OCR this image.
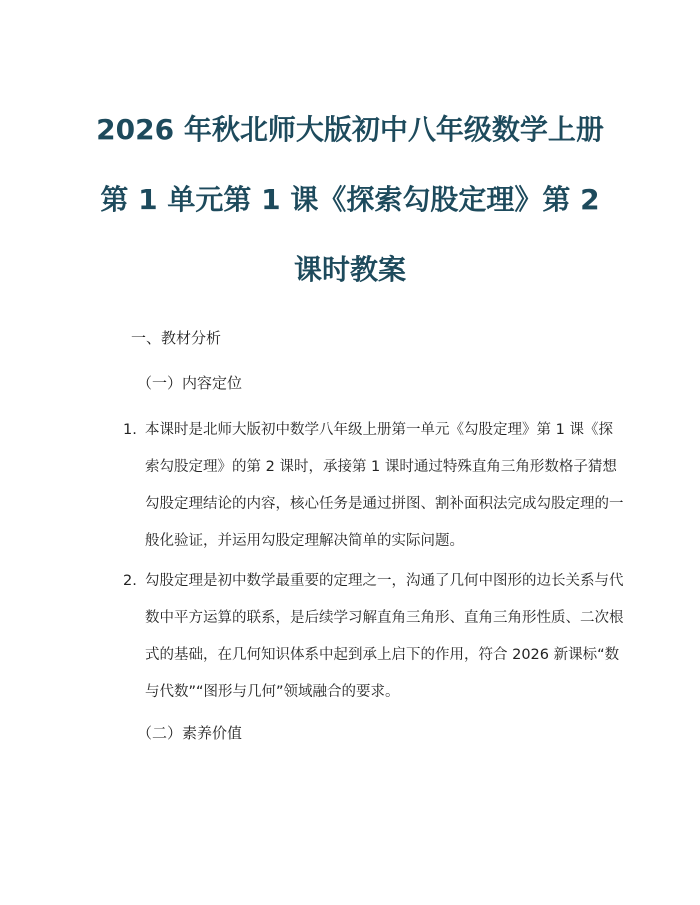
2026 年秋北师大版初中八年级数学上册
第 1 单元第 1 课《探索勾股定理》第 2
课时教案
一、教材分析
（一）内容定位
1. 本课时是北师大版初中数学八年级上册第一单元《勾股定理》第 1 课《探
索勾股定理》的第 2 课时，承接第 1 课时通过特殊直角三角形数格子猜想
勾股定理结论的内容，核心任务是通过拼图、割补面积法完成勾股定理的一
般化验证，并运用勾股定理解决简单的实际问题。
2. 勾股定理是初中数学最重要的定理之一，沟通了几何中图形的边长关系与代
数中平方运算的联系，是后续学习解直角三角形、直角三角形性质、二次根
式的基础，在几何知识体系中起到承上启下的作用，符合 2026 新课标“数
与代数”“图形与几何”领域融合的要求。
（二）素养价值
